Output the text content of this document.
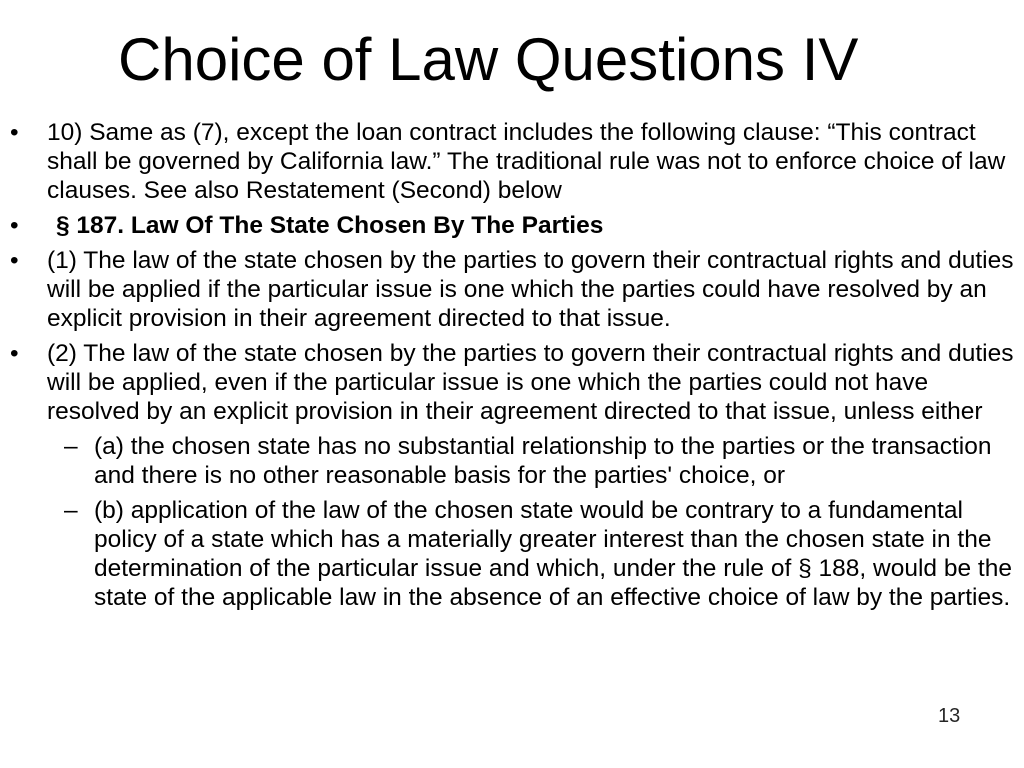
Choice of Law Questions IV
• 10) Same as (7), except the loan contract includes the following clause: “This contract shall be governed by California law.” The traditional rule was not to enforce choice of law clauses. See also Restatement (Second) below
• § 187. Law Of The State Chosen By The Parties
• (1) The law of the state chosen by the parties to govern their contractual rights and duties will be applied if the particular issue is one which the parties could have resolved by an explicit provision in their agreement directed to that issue.
• (2) The law of the state chosen by the parties to govern their contractual rights and duties will be applied, even if the particular issue is one which the parties could not have resolved by an explicit provision in their agreement directed to that issue, unless either
– (a) the chosen state has no substantial relationship to the parties or the transaction and there is no other reasonable basis for the parties' choice, or
– (b) application of the law of the chosen state would be contrary to a fundamental policy of a state which has a materially greater interest than the chosen state in the determination of the particular issue and which, under the rule of § 188, would be the state of the applicable law in the absence of an effective choice of law by the parties.
13
